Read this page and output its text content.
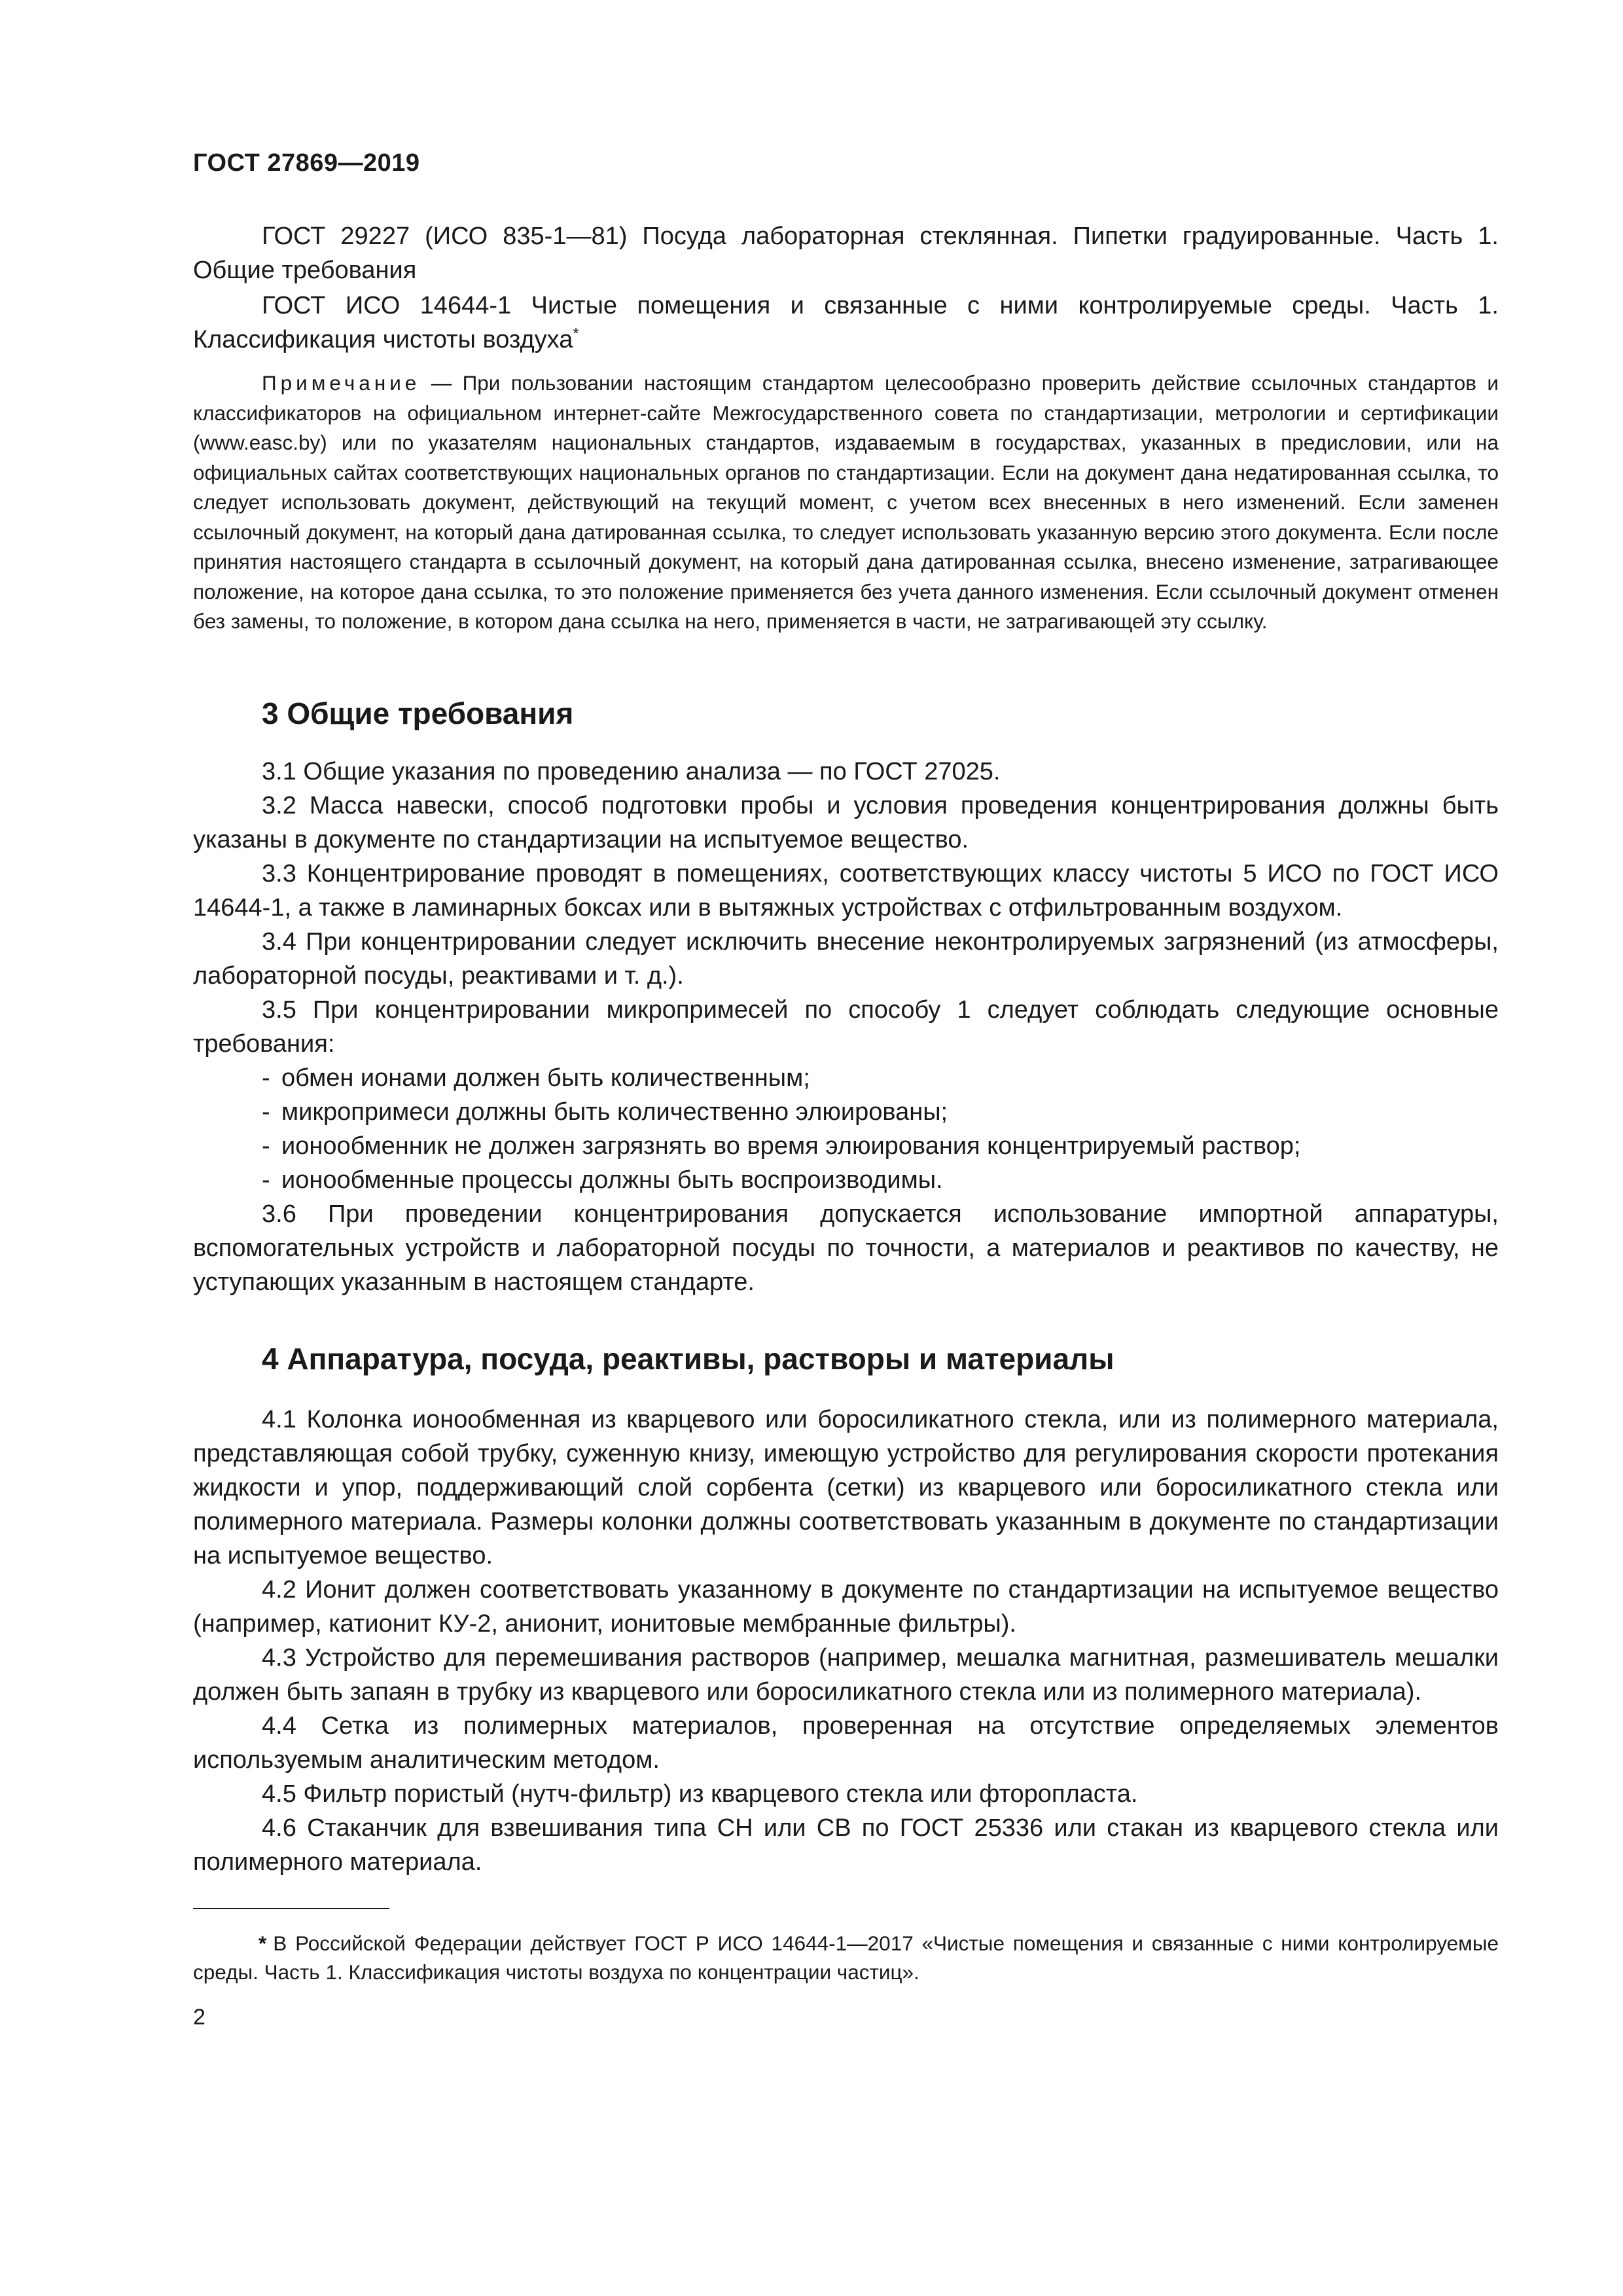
ГОСТ 27869—2019

ГОСТ 29227 (ИСО 835-1—81) Посуда лабораторная стеклянная. Пипетки градуированные. Часть 1. Общие требования

ГОСТ ИСО 14644-1 Чистые помещения и связанные с ними контролируемые среды. Часть 1. Классификация чистоты воздуха*

Примечание — При пользовании настоящим стандартом целесообразно проверить действие ссылочных стандартов и классификаторов на официальном интернет-сайте Межгосударственного совета по стандартизации, метрологии и сертификации (www.easc.by) или по указателям национальных стандартов, издаваемым в государствах, указанных в предисловии, или на официальных сайтах соответствующих национальных органов по стандартизации. Если на документ дана недатированная ссылка, то следует использовать документ, действующий на текущий момент, с учетом всех внесенных в него изменений. Если заменен ссылочный документ, на который дана датированная ссылка, то следует использовать указанную версию этого документа. Если после принятия настоящего стандарта в ссылочный документ, на который дана датированная ссылка, внесено изменение, затрагивающее положение, на которое дана ссылка, то это положение применяется без учета данного изменения. Если ссылочный документ отменен без замены, то положение, в котором дана ссылка на него, применяется в части, не затрагивающей эту ссылку.

3 Общие требования

3.1 Общие указания по проведению анализа — по ГОСТ 27025.

3.2 Масса навески, способ подготовки пробы и условия проведения концентрирования должны быть указаны в документе по стандартизации на испытуемое вещество.

3.3 Концентрирование проводят в помещениях, соответствующих классу чистоты 5 ИСО по ГОСТ ИСО 14644-1, а также в ламинарных боксах или в вытяжных устройствах с отфильтрованным воздухом.

3.4 При концентрировании следует исключить внесение неконтролируемых загрязнений (из атмосферы, лабораторной посуды, реактивами и т. д.).

3.5 При концентрировании микропримесей по способу 1 следует соблюдать следующие основные требования:

- обмен ионами должен быть количественным;
- микропримеси должны быть количественно элюированы;
- ионообменник не должен загрязнять во время элюирования концентрируемый раствор;
- ионообменные процессы должны быть воспроизводимы.

3.6 При проведении концентрирования допускается использование импортной аппаратуры, вспомогательных устройств и лабораторной посуды по точности, а материалов и реактивов по качеству, не уступающих указанным в настоящем стандарте.

4 Аппаратура, посуда, реактивы, растворы и материалы

4.1 Колонка ионообменная из кварцевого или боросиликатного стекла, или из полимерного материала, представляющая собой трубку, суженную книзу, имеющую устройство для регулирования скорости протекания жидкости и упор, поддерживающий слой сорбента (сетки) из кварцевого или боросиликатного стекла или полимерного материала. Размеры колонки должны соответствовать указанным в документе по стандартизации на испытуемое вещество.

4.2 Ионит должен соответствовать указанному в документе по стандартизации на испытуемое вещество (например, катионит КУ-2, анионит, ионитовые мембранные фильтры).

4.3 Устройство для перемешивания растворов (например, мешалка магнитная, размешиватель мешалки должен быть запаян в трубку из кварцевого или боросиликатного стекла или из полимерного материала).

4.4 Сетка из полимерных материалов, проверенная на отсутствие определяемых элементов используемым аналитическим методом.

4.5 Фильтр пористый (нутч-фильтр) из кварцевого стекла или фторопласта.

4.6 Стаканчик для взвешивания типа СН или СВ по ГОСТ 25336 или стакан из кварцевого стекла или полимерного материала.

* В Российской Федерации действует ГОСТ Р ИСО 14644-1—2017 «Чистые помещения и связанные с ними контролируемые среды. Часть 1. Классификация чистоты воздуха по концентрации частиц».

2
